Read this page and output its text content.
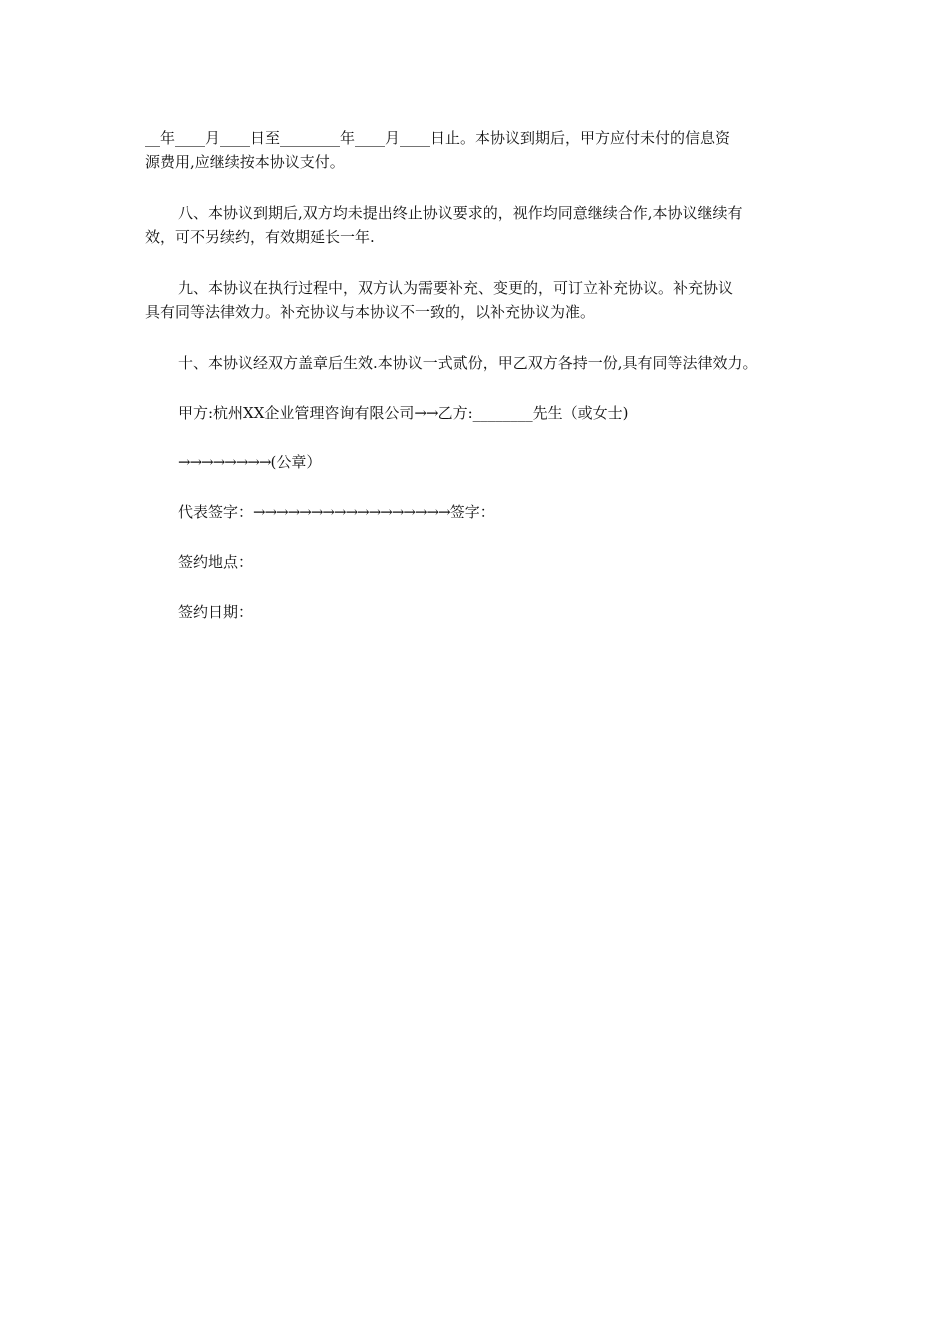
__年____月____日至________年____月____日止。本协议到期后，甲方应付未付的信息资
源费用,应继续按本协议支付。
八、本协议到期后,双方均未提出终止协议要求的，视作均同意继续合作,本协议继续有
效，可不另续约，有效期延长一年.
九、本协议在执行过程中，双方认为需要补充、变更的，可订立补充协议。补充协议
具有同等法律效力。补充协议与本协议不一致的，以补充协议为准。
十、本协议经双方盖章后生效.本协议一式贰份，甲乙双方各持一份,具有同等法律效力。
甲方:杭州XX企业管理咨询有限公司→→乙方:________先生（或女士)
→→→→→→→→(公章）
代表签字：→→→→→→→→→→→→→→→→→签字：
签约地点：
签约日期：
